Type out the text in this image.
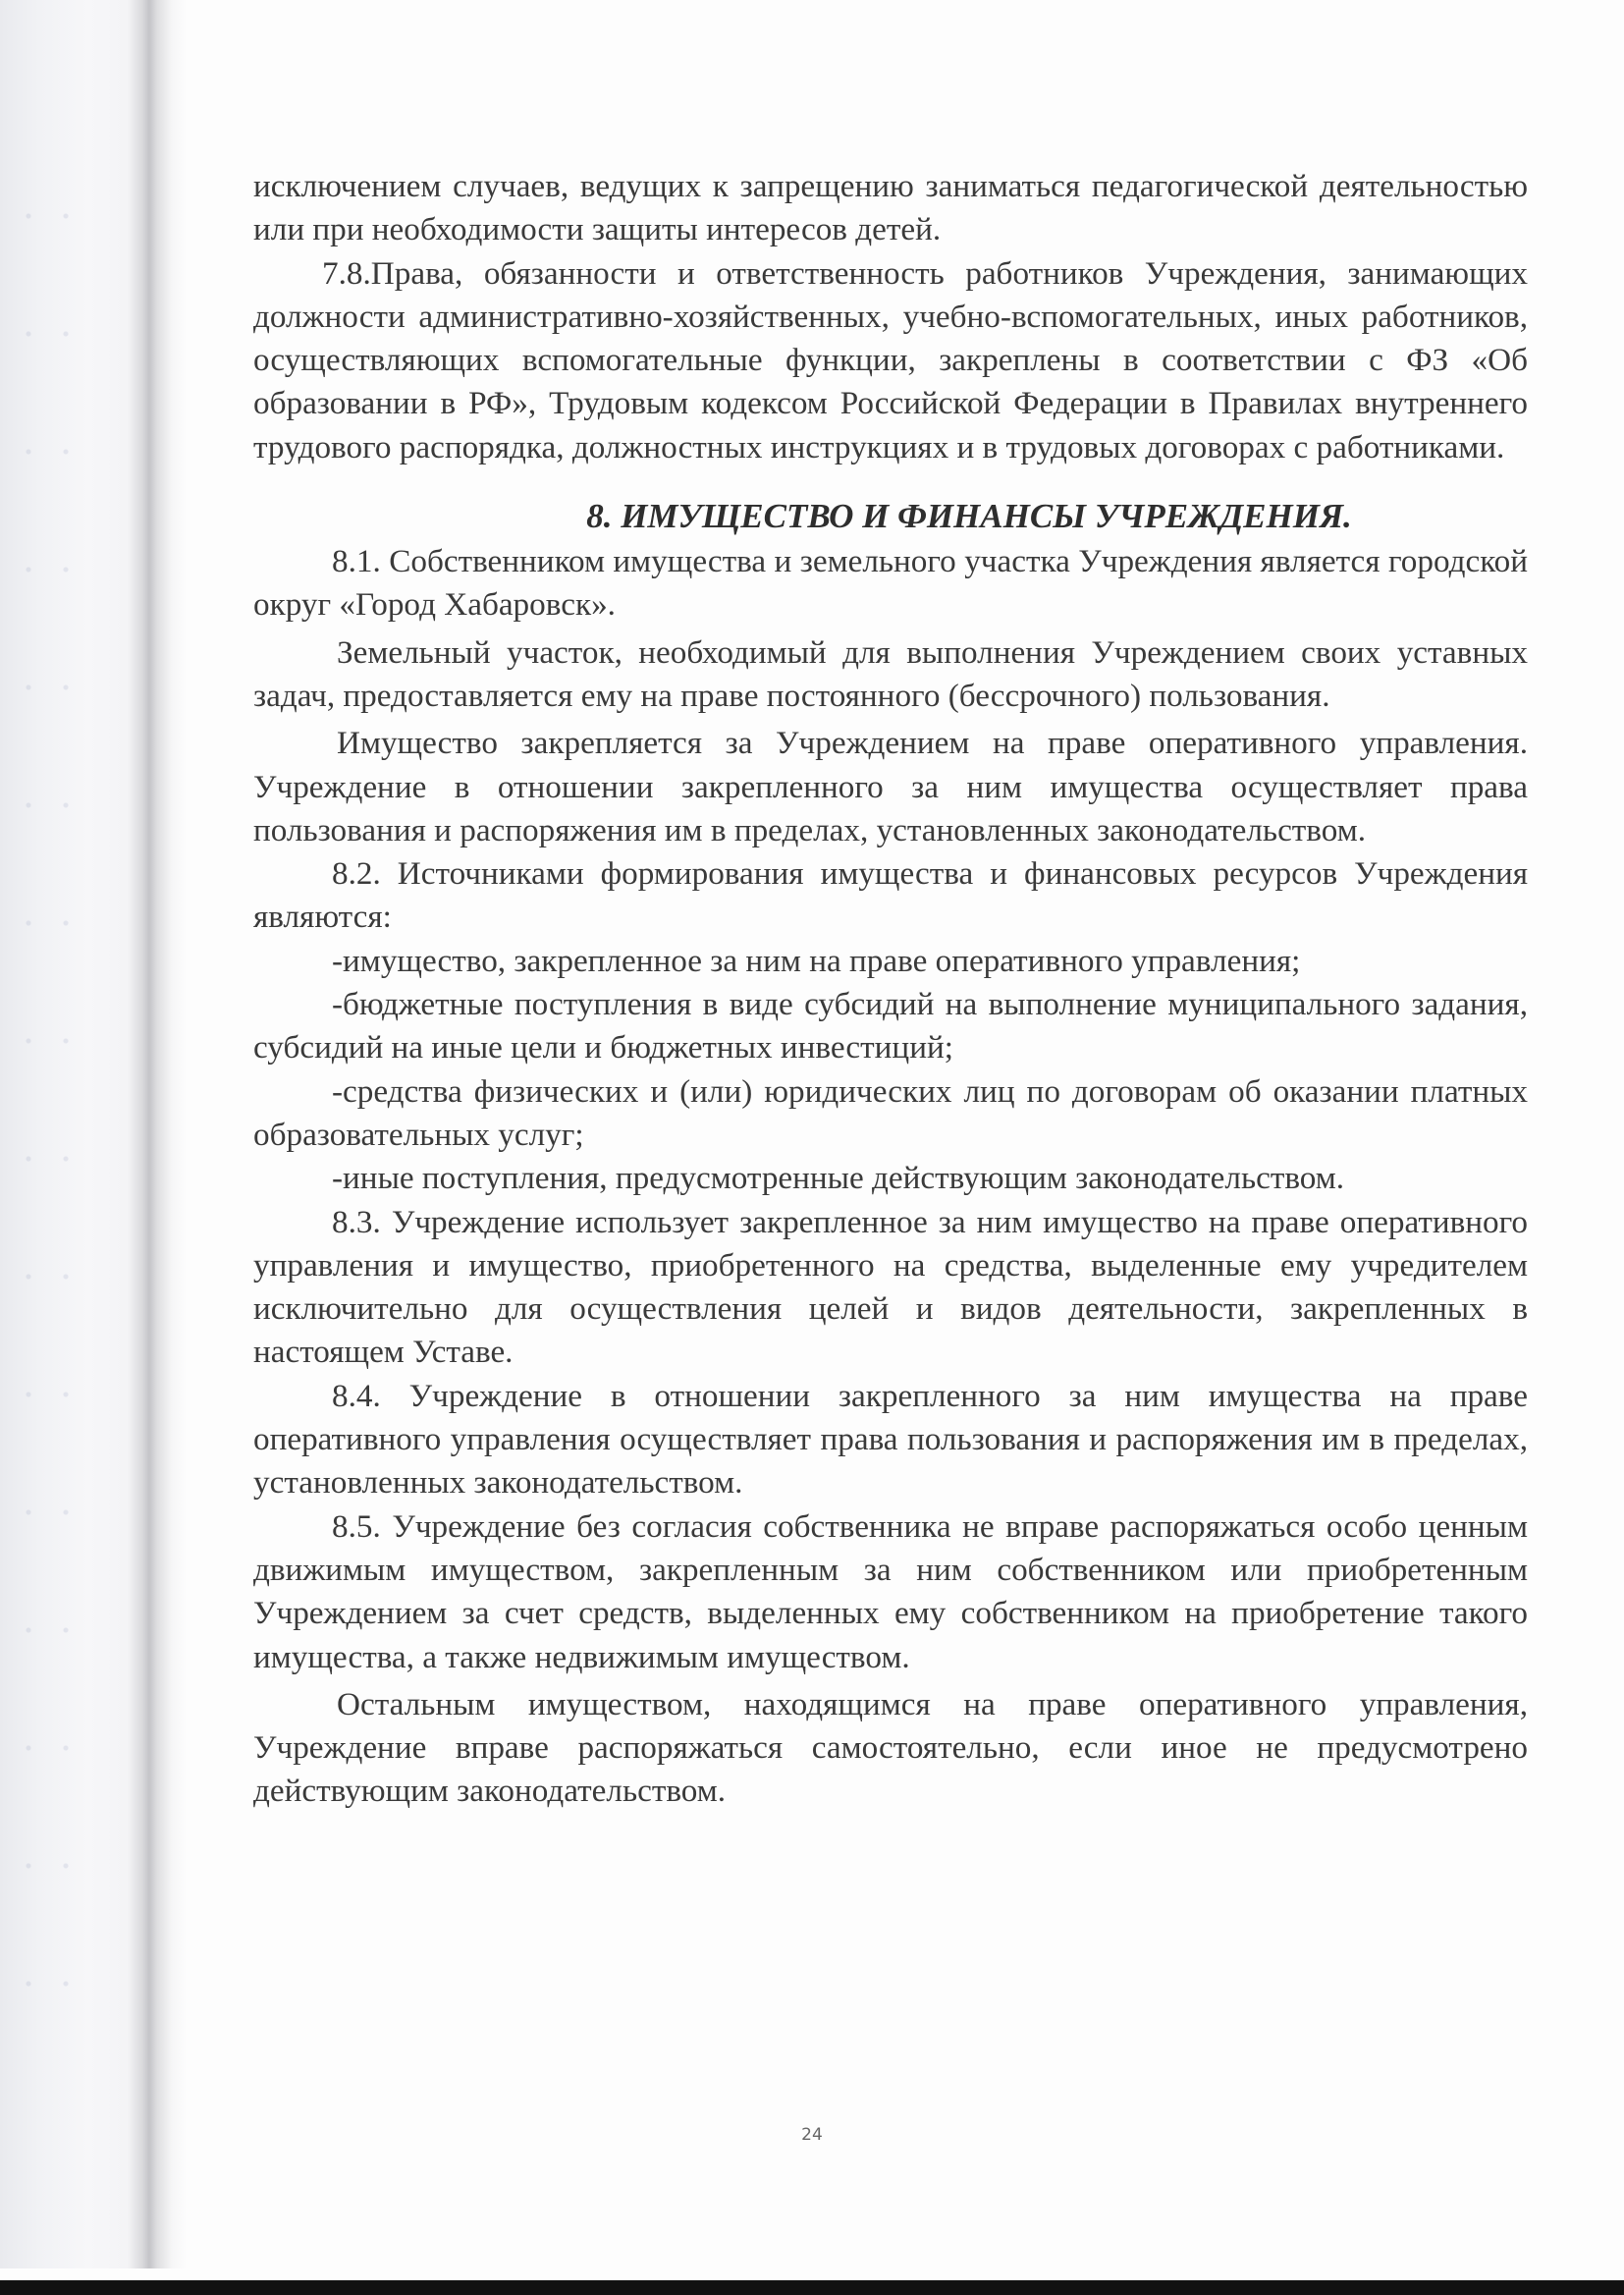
исключением случаев, ведущих к запрещению заниматься педагогической деятельностью или при необходимости защиты интересов детей.

7.8.Права, обязанности и ответственность работников Учреждения, занимающих должности административно-хозяйственных, учебно-вспомогательных, иных работников, осуществляющих вспомогательные функции, закреплены в соответствии с ФЗ «Об образовании в РФ», Трудовым кодексом Российской Федерации в Правилах внутреннего трудового распорядка, должностных инструкциях и в трудовых договорах с работниками.

8. ИМУЩЕСТВО И ФИНАНСЫ УЧРЕЖДЕНИЯ.

8.1. Собственником имущества и земельного участка Учреждения является городской округ «Город Хабаровск».

Земельный участок, необходимый для выполнения Учреждением своих уставных задач, предоставляется ему на праве постоянного (бессрочного) пользования.

Имущество закрепляется за Учреждением на праве оперативного управления. Учреждение в отношении закрепленного за ним имущества осуществляет права пользования и распоряжения им в пределах, установленных законодательством.

8.2. Источниками формирования имущества и финансовых ресурсов Учреждения являются:

-имущество, закрепленное за ним на праве оперативного управления;

-бюджетные поступления в виде субсидий на выполнение муниципального задания, субсидий на иные цели и бюджетных инвестиций;

-средства физических и (или) юридических лиц по договорам об оказании платных образовательных услуг;

-иные поступления, предусмотренные действующим законодательством.

8.3. Учреждение использует закрепленное за ним имущество на праве оперативного управления и имущество, приобретенного на средства, выделенные ему учредителем исключительно для осуществления целей и видов деятельности, закрепленных в настоящем Уставе.

8.4. Учреждение в отношении закрепленного за ним имущества на праве оперативного управления осуществляет права пользования и распоряжения им в пределах, установленных законодательством.

8.5. Учреждение без согласия собственника не вправе распоряжаться особо ценным движимым имуществом, закрепленным за ним собственником или приобретенным Учреждением за счет средств, выделенных ему собственником на приобретение такого имущества, а также недвижимым имуществом.

Остальным имуществом, находящимся на праве оперативного управления, Учреждение вправе распоряжаться самостоятельно, если иное не предусмотрено действующим законодательством.

24
